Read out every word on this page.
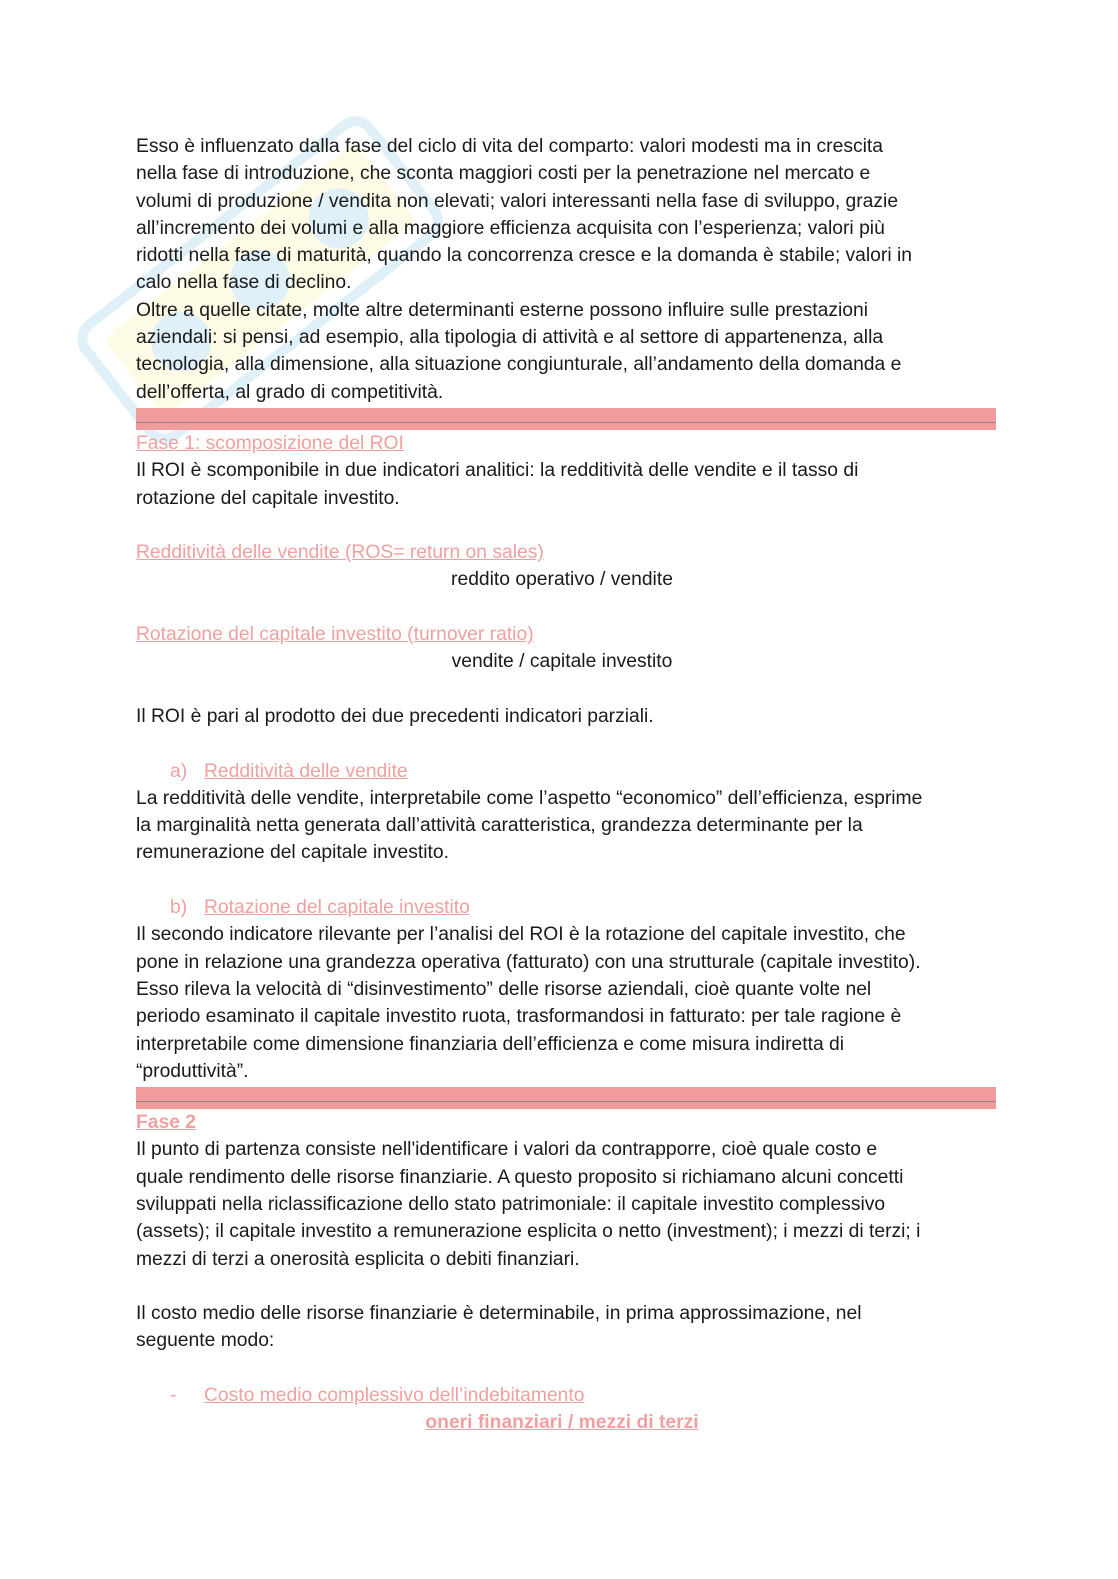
Esso è influenzato dalla fase del ciclo di vita del comparto: valori modesti ma in crescita

nella fase di introduzione, che sconta maggiori costi per la penetrazione nel mercato e

volumi di produzione / vendita non elevati; valori interessanti nella fase di sviluppo, grazie

all’incremento dei volumi e alla maggiore efficienza acquisita con l’esperienza; valori più

ridotti nella fase di maturità, quando la concorrenza cresce e la domanda è stabile; valori in

calo nella fase di declino.

Oltre a quelle citate, molte altre determinanti esterne possono influire sulle prestazioni

aziendali: si pensi, ad esempio, alla tipologia di attività e al settore di appartenenza, alla

tecnologia, alla dimensione, alla situazione congiunturale, all’andamento della domanda e

dell’offerta, al grado di competitività.

Fase 1: scomposizione del ROI

Il ROI è scomponibile in due indicatori analitici: la redditività delle vendite e il tasso di

rotazione del capitale investito.

Redditività delle vendite (ROS= return on sales)

reddito operativo / vendite

Rotazione del capitale investito (turnover ratio)

vendite / capitale investito

Il ROI è pari al prodotto dei due precedenti indicatori parziali.

a) Redditività delle vendite

La redditività delle vendite, interpretabile come l’aspetto “economico” dell’efficienza, esprime

la marginalità netta generata dall’attività caratteristica, grandezza determinante per la

remunerazione del capitale investito.

b) Rotazione del capitale investito

Il secondo indicatore rilevante per l’analisi del ROI è la rotazione del capitale investito, che

pone in relazione una grandezza operativa (fatturato) con una strutturale (capitale investito).

Esso rileva la velocità di “disinvestimento” delle risorse aziendali, cioè quante volte nel

periodo esaminato il capitale investito ruota, trasformandosi in fatturato: per tale ragione è

interpretabile come dimensione finanziaria dell’efficienza e come misura indiretta di

“produttività”.

Fase 2

Il punto di partenza consiste nell'identificare i valori da contrapporre, cioè quale costo e

quale rendimento delle risorse finanziarie. A questo proposito si richiamano alcuni concetti

sviluppati nella riclassificazione dello stato patrimoniale: il capitale investito complessivo

(assets); il capitale investito a remunerazione esplicita o netto (investment); i mezzi di terzi; i

mezzi di terzi a onerosità esplicita o debiti finanziari.

Il costo medio delle risorse finanziarie è determinabile, in prima approssimazione, nel

seguente modo:

- Costo medio complessivo dell’indebitamento

oneri finanziari / mezzi di terzi
